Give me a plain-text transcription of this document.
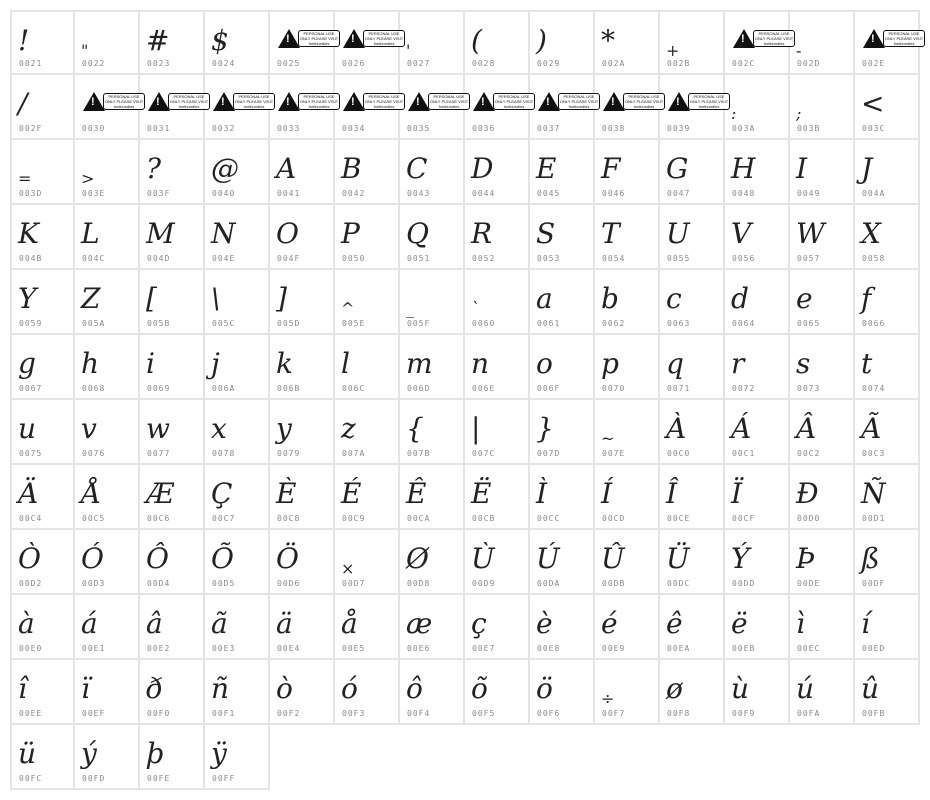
!
0021
"
0022
#
0023
$
0024
!
PERSONAL USE ONLY PLEASE VISIT fontbundles
0025
!
PERSONAL USE ONLY PLEASE VISIT fontbundles
0026
'
0027
(
0028
)
0029
*
002A
+
002B
!
PERSONAL USE ONLY PLEASE VISIT fontbundles
002C
-
002D
!
PERSONAL USE ONLY PLEASE VISIT fontbundles
002E
/
002F
!
PERSONAL USE ONLY PLEASE VISIT fontbundles
0030
!
PERSONAL USE ONLY PLEASE VISIT fontbundles
0031
!
PERSONAL USE ONLY PLEASE VISIT fontbundles
0032
!
PERSONAL USE ONLY PLEASE VISIT fontbundles
0033
!
PERSONAL USE ONLY PLEASE VISIT fontbundles
0034
!
PERSONAL USE ONLY PLEASE VISIT fontbundles
0035
!
PERSONAL USE ONLY PLEASE VISIT fontbundles
0036
!
PERSONAL USE ONLY PLEASE VISIT fontbundles
0037
!
PERSONAL USE ONLY PLEASE VISIT fontbundles
0038
!
PERSONAL USE ONLY PLEASE VISIT fontbundles
0039
:
003A
;
003B
<
003C
=
003D
>
003E
?
003F
@
0040
A
0041
B
0042
C
0043
D
0044
E
0045
F
0046
G
0047
H
0048
I
0049
J
004A
K
004B
L
004C
M
004D
N
004E
O
004F
P
0050
Q
0051
R
0052
S
0053
T
0054
U
0055
V
0056
W
0057
X
0058
Y
0059
Z
005A
[
005B
\
005C
]
005D
^
005E
_
005F
`
0060
a
0061
b
0062
c
0063
d
0064
e
0065
f
0066
g
0067
h
0068
i
0069
j
006A
k
006B
l
006C
m
006D
n
006E
o
006F
p
0070
q
0071
r
0072
s
0073
t
0074
u
0075
v
0076
w
0077
x
0078
y
0079
z
007A
{
007B
|
007C
}
007D
~
007E
À
00C0
Á
00C1
Â
00C2
Ã
00C3
Ä
00C4
Å
00C5
Æ
00C6
Ç
00C7
È
00C8
É
00C9
Ê
00CA
Ë
00CB
Ì
00CC
Í
00CD
Î
00CE
Ï
00CF
Ð
00D0
Ñ
00D1
Ò
00D2
Ó
00D3
Ô
00D4
Õ
00D5
Ö
00D6
×
00D7
Ø
00D8
Ù
00D9
Ú
00DA
Û
00DB
Ü
00DC
Ý
00DD
Þ
00DE
ß
00DF
à
00E0
á
00E1
â
00E2
ã
00E3
ä
00E4
å
00E5
æ
00E6
ç
00E7
è
00E8
é
00E9
ê
00EA
ë
00EB
ì
00EC
í
00ED
î
00EE
ï
00EF
ð
00F0
ñ
00F1
ò
00F2
ó
00F3
ô
00F4
õ
00F5
ö
00F6
÷
00F7
ø
00F8
ù
00F9
ú
00FA
û
00FB
ü
00FC
ý
00FD
þ
00FE
ÿ
00FF
